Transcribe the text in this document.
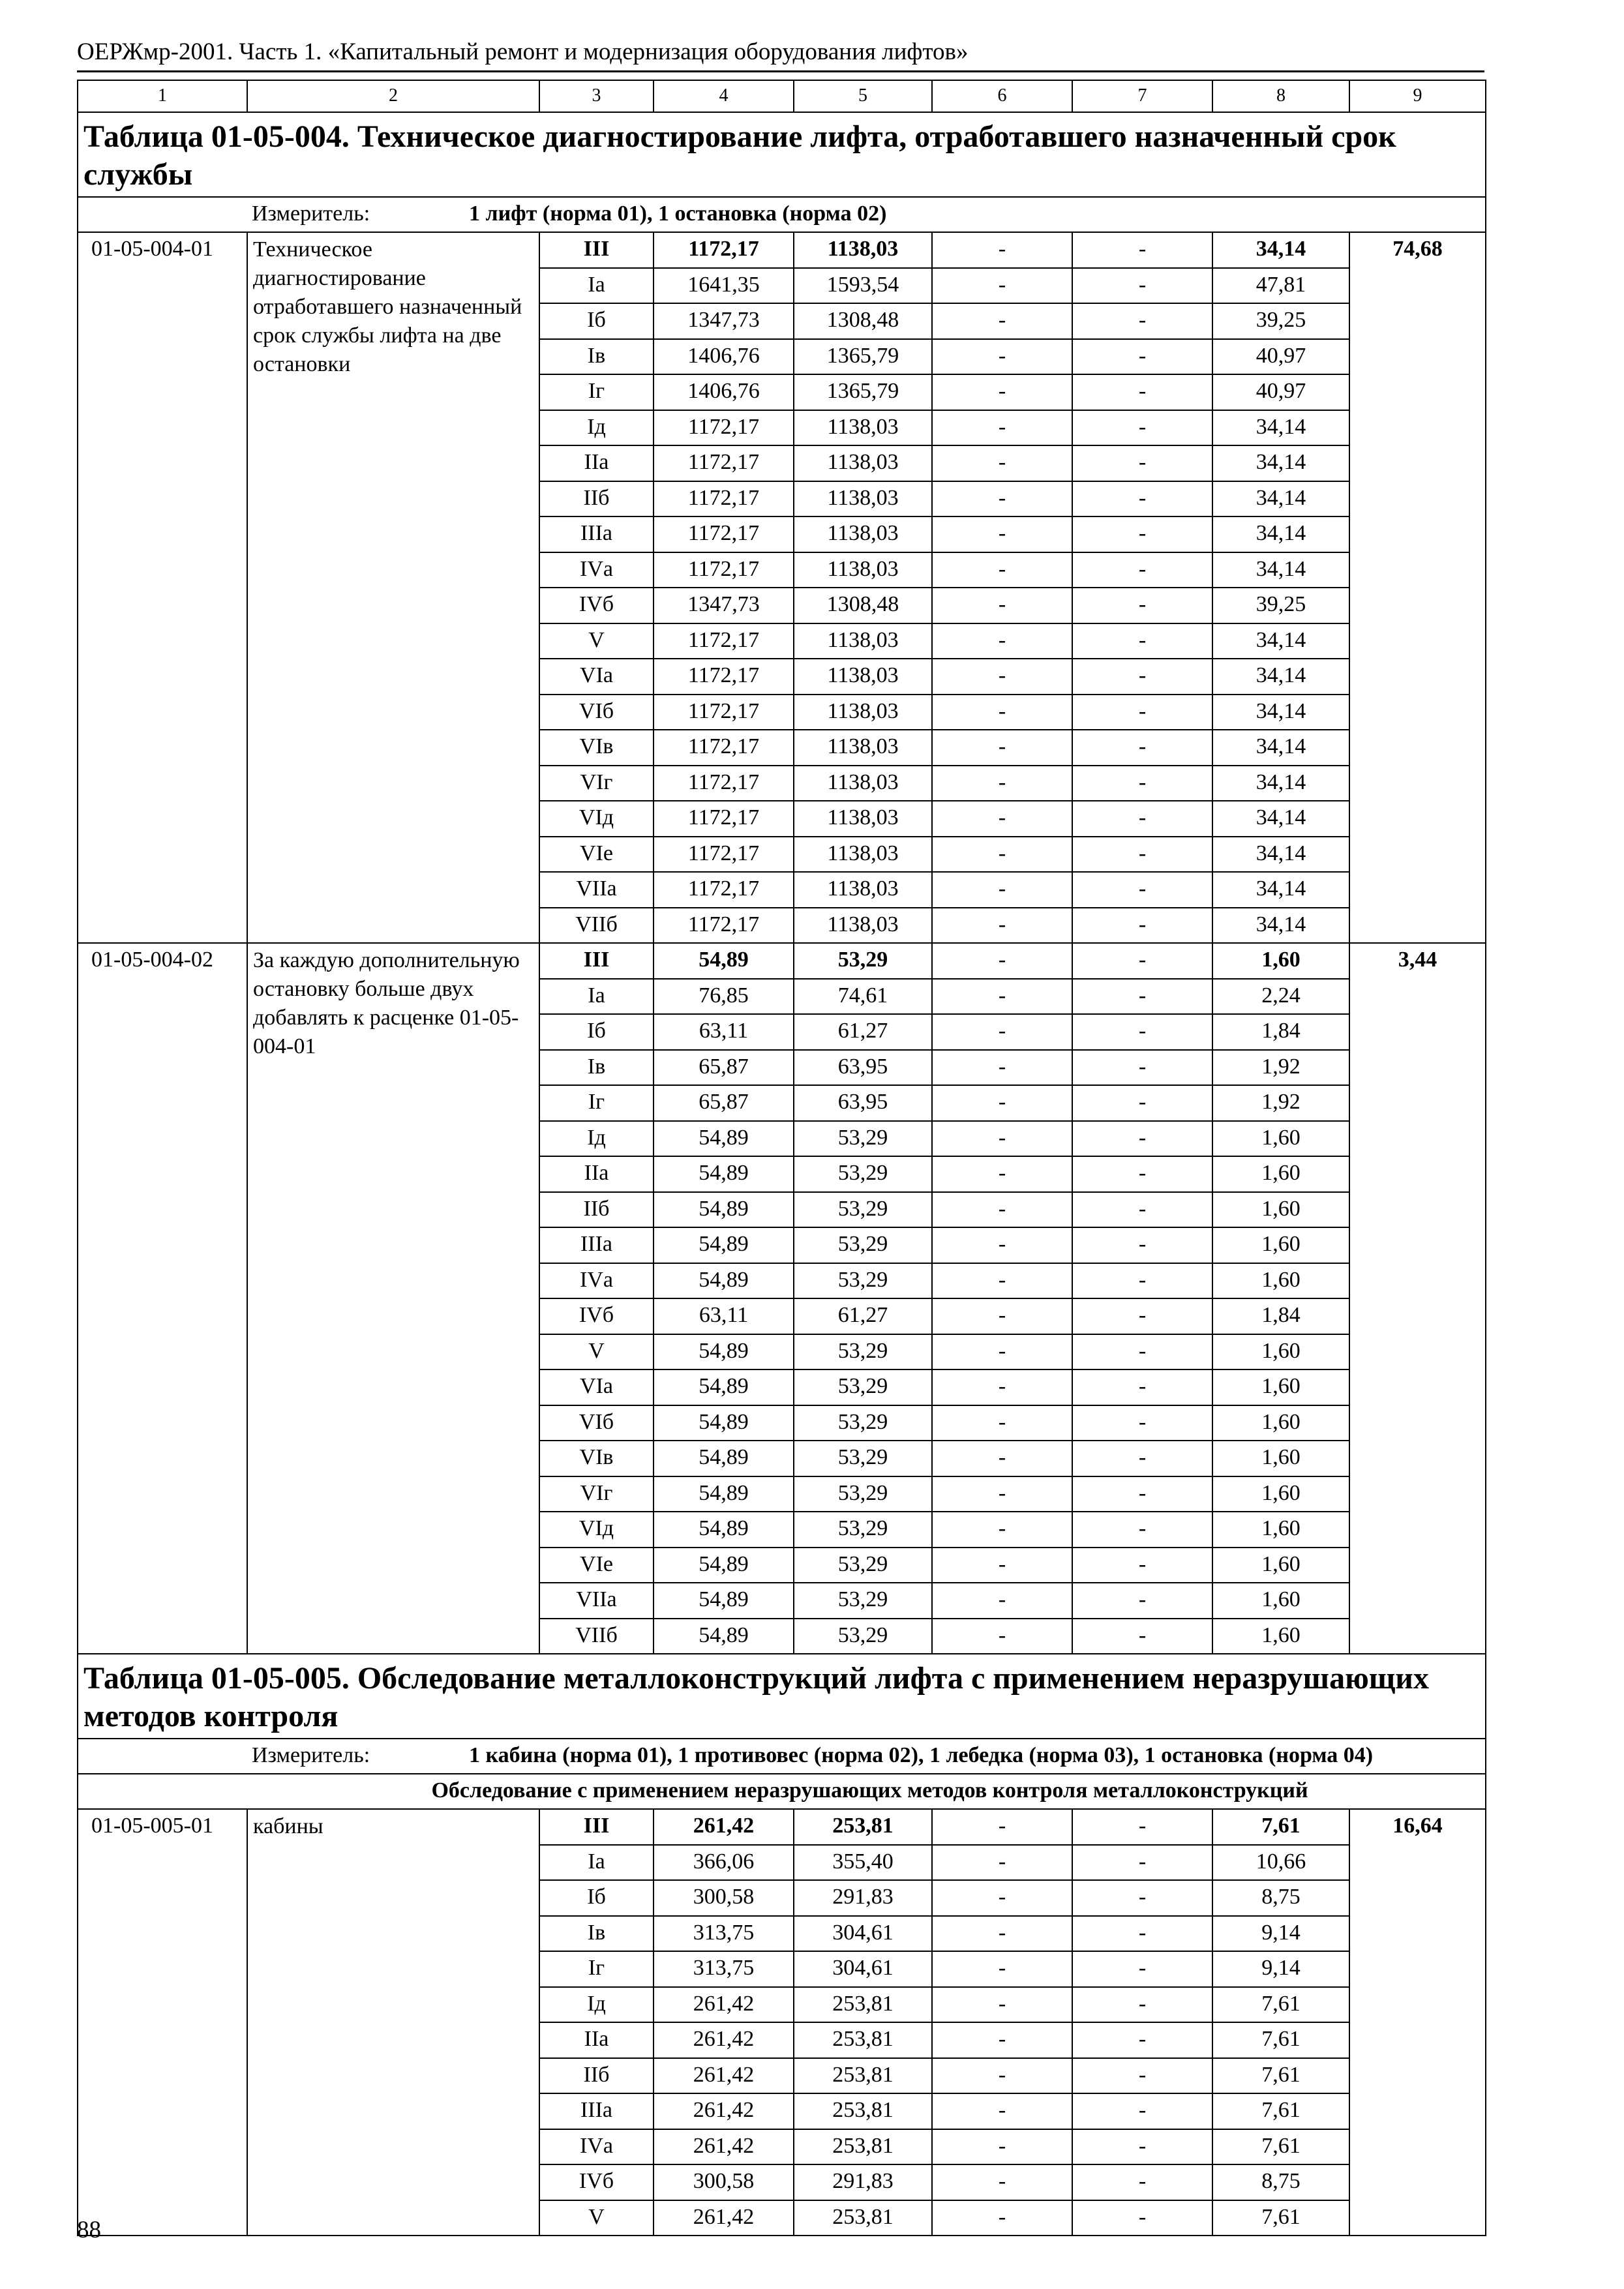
ОЕРЖмр-2001. Часть 1. «Капитальный ремонт и модернизация оборудования лифтов»
1	2	3	4	5	6	7	8	9
Таблица 01-05-004. Техническое диагностирование лифта, отработавшего назначенный срок службы								
Измеритель: 1 лифт (норма 01), 1 остановка (норма 02)								
01-05-004-01	Техническое диагностирование отработавшего назначенный срок службы лифта на две остановки	III	1172,17	1138,03	-	-	34,14	74,68
		Iа	1641,35	1593,54	-	-	47,81	
		Iб	1347,73	1308,48	-	-	39,25	
		Iв	1406,76	1365,79	-	-	40,97	
		Iг	1406,76	1365,79	-	-	40,97	
		Iд	1172,17	1138,03	-	-	34,14	
		IIа	1172,17	1138,03	-	-	34,14	
		IIб	1172,17	1138,03	-	-	34,14	
		IIIа	1172,17	1138,03	-	-	34,14	
		IVа	1172,17	1138,03	-	-	34,14	
		IVб	1347,73	1308,48	-	-	39,25	
		V	1172,17	1138,03	-	-	34,14	
		VIа	1172,17	1138,03	-	-	34,14	
		VIб	1172,17	1138,03	-	-	34,14	
		VIв	1172,17	1138,03	-	-	34,14	
		VIг	1172,17	1138,03	-	-	34,14	
		VIд	1172,17	1138,03	-	-	34,14	
		VIе	1172,17	1138,03	-	-	34,14	
		VIIа	1172,17	1138,03	-	-	34,14	
		VIIб	1172,17	1138,03	-	-	34,14	
01-05-004-02	За каждую дополнительную остановку больше двух добавлять к расценке 01-05-004-01	III	54,89	53,29	-	-	1,60	3,44
		Iа	76,85	74,61	-	-	2,24	
		Iб	63,11	61,27	-	-	1,84	
		Iв	65,87	63,95	-	-	1,92	
		Iг	65,87	63,95	-	-	1,92	
		Iд	54,89	53,29	-	-	1,60	
		IIа	54,89	53,29	-	-	1,60	
		IIб	54,89	53,29	-	-	1,60	
		IIIа	54,89	53,29	-	-	1,60	
		IVа	54,89	53,29	-	-	1,60	
		IVб	63,11	61,27	-	-	1,84	
		V	54,89	53,29	-	-	1,60	
		VIа	54,89	53,29	-	-	1,60	
		VIб	54,89	53,29	-	-	1,60	
		VIв	54,89	53,29	-	-	1,60	
		VIг	54,89	53,29	-	-	1,60	
		VIд	54,89	53,29	-	-	1,60	
		VIе	54,89	53,29	-	-	1,60	
		VIIа	54,89	53,29	-	-	1,60	
		VIIб	54,89	53,29	-	-	1,60	
Таблица 01-05-005. Обследование металлоконструкций лифта с применением неразрушающих методов контроля								
Измеритель: 1 кабина (норма 01), 1 противовес (норма 02), 1 лебедка (норма 03), 1 остановка (норма 04)								
Обследование с применением неразрушающих методов контроля металлоконструкций								
01-05-005-01	кабины	III	261,42	253,81	-	-	7,61	16,64
		Iа	366,06	355,40	-	-	10,66	
		Iб	300,58	291,83	-	-	8,75	
		Iв	313,75	304,61	-	-	9,14	
		Iг	313,75	304,61	-	-	9,14	
		Iд	261,42	253,81	-	-	7,61	
		IIа	261,42	253,81	-	-	7,61	
		IIб	261,42	253,81	-	-	7,61	
		IIIа	261,42	253,81	-	-	7,61	
		IVа	261,42	253,81	-	-	7,61	
		IVб	300,58	291,83	-	-	8,75	
		V	261,42	253,81	-	-	7,61	
88
